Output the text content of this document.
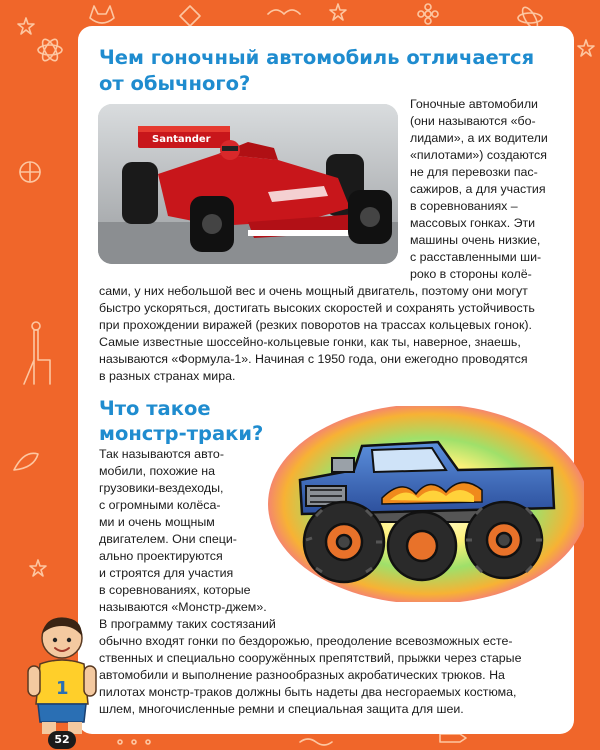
Чем гоночный автомобиль отличается
от обычного?
Santander

Гоночные автомобили

(они называются «бо-

лидами», а их водители

«пилотами») создаются

не для перевозки пас-

сажиров, а для участия

в соревнованиях –

массовых гонках. Эти

машины очень низкие,

с расставленными ши-

роко в стороны колё-

сами, у них небольшой вес и очень мощный двигатель, поэтому они могут

быстро ускоряться, достигать высоких скоростей и сохранять устойчивость

при прохождении виражей (резких поворотов на трассах кольцевых гонок).

Самые известные шоссейно-кольцевые гонки, как ты, наверное, знаешь,

называются «Формула-1». Начиная с 1950 года, они ежегодно проводятся

в разных странах мира.

Что такое
монстр-траки?

Так называются авто-

мобили, похожие на

грузовики-вездеходы,

с огромными колёса-

ми и очень мощным

двигателем. Они специ-

ально проектируются

и строятся для участия

в соревнованиях, которые

называются «Монстр-джем».

В программу таких состязаний

обычно входят гонки по бездорожью, преодоление всевозможных есте-

ственных и специально сооружённых препятствий, прыжки через старые

автомобили и выполнение разнообразных акробатических трюков. На

пилотах монстр-траков должны быть надеты два несгораемых костюма,

шлем, многочисленные ремни и специальная защита для шеи.

1
52
